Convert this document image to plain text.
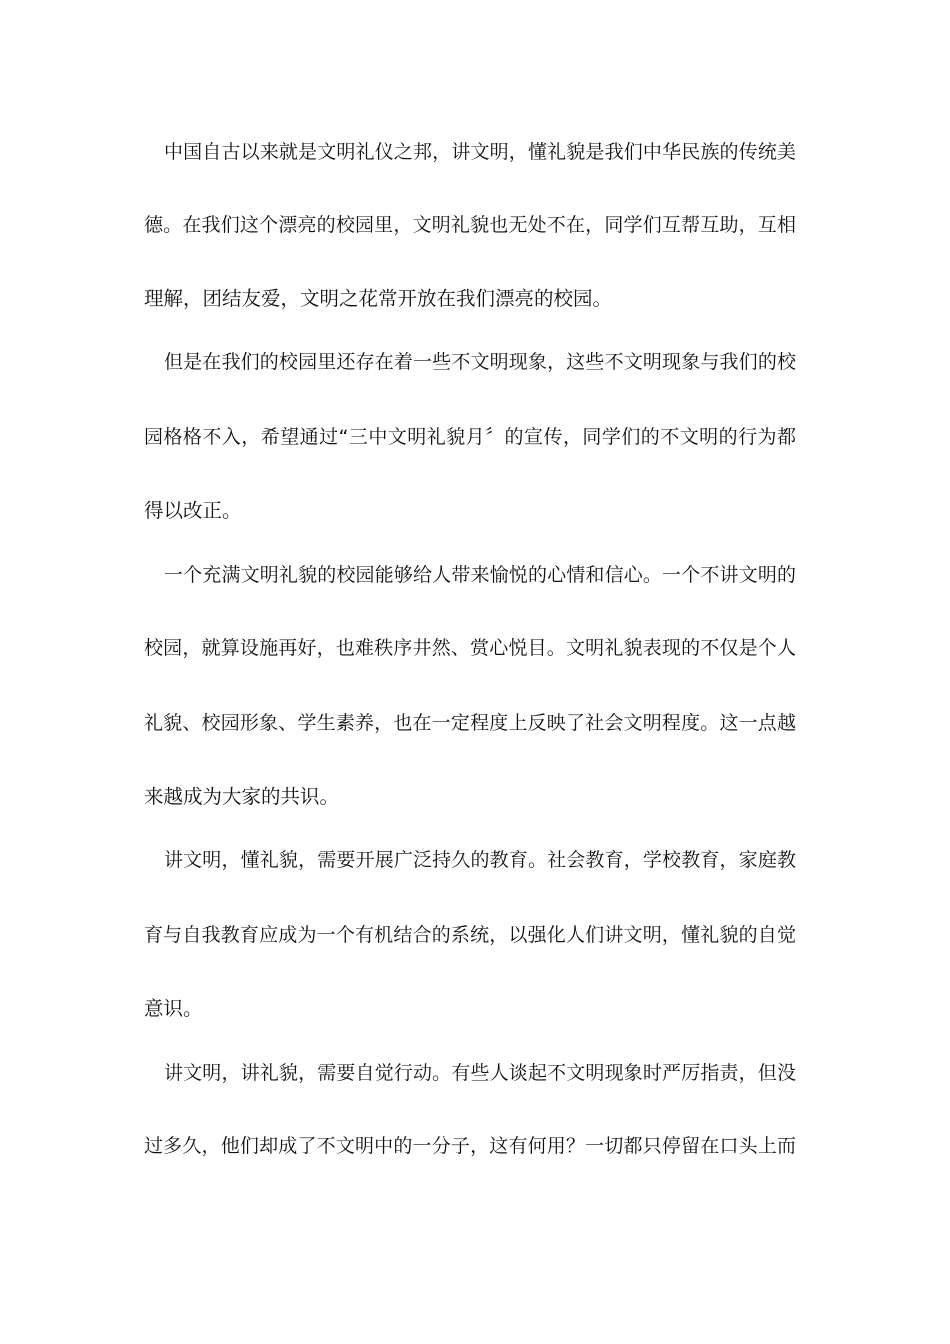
中国自古以来就是文明礼仪之邦，讲文明，懂礼貌是我们中华民族的传统美
德。在我们这个漂亮的校园里，文明礼貌也无处不在，同学们互帮互助，互相
理解，团结友爱，文明之花常开放在我们漂亮的校园。
但是在我们的校园里还存在着一些不文明现象，这些不文明现象与我们的校
园格格不入，希望通过“三中文明礼貌月〞的宣传，同学们的不文明的行为都
得以改正。
一个充满文明礼貌的校园能够给人带来愉悦的心情和信心。一个不讲文明的
校园，就算设施再好，也难秩序井然、赏心悦目。文明礼貌表现的不仅是个人
礼貌、校园形象、学生素养，也在一定程度上反映了社会文明程度。这一点越
来越成为大家的共识。
讲文明，懂礼貌，需要开展广泛持久的教育。社会教育，学校教育，家庭教
育与自我教育应成为一个有机结合的系统，以强化人们讲文明，懂礼貌的自觉
意识。
讲文明，讲礼貌，需要自觉行动。有些人谈起不文明现象时严厉指责，但没
过多久，他们却成了不文明中的一分子，这有何用？一切都只停留在口头上而
